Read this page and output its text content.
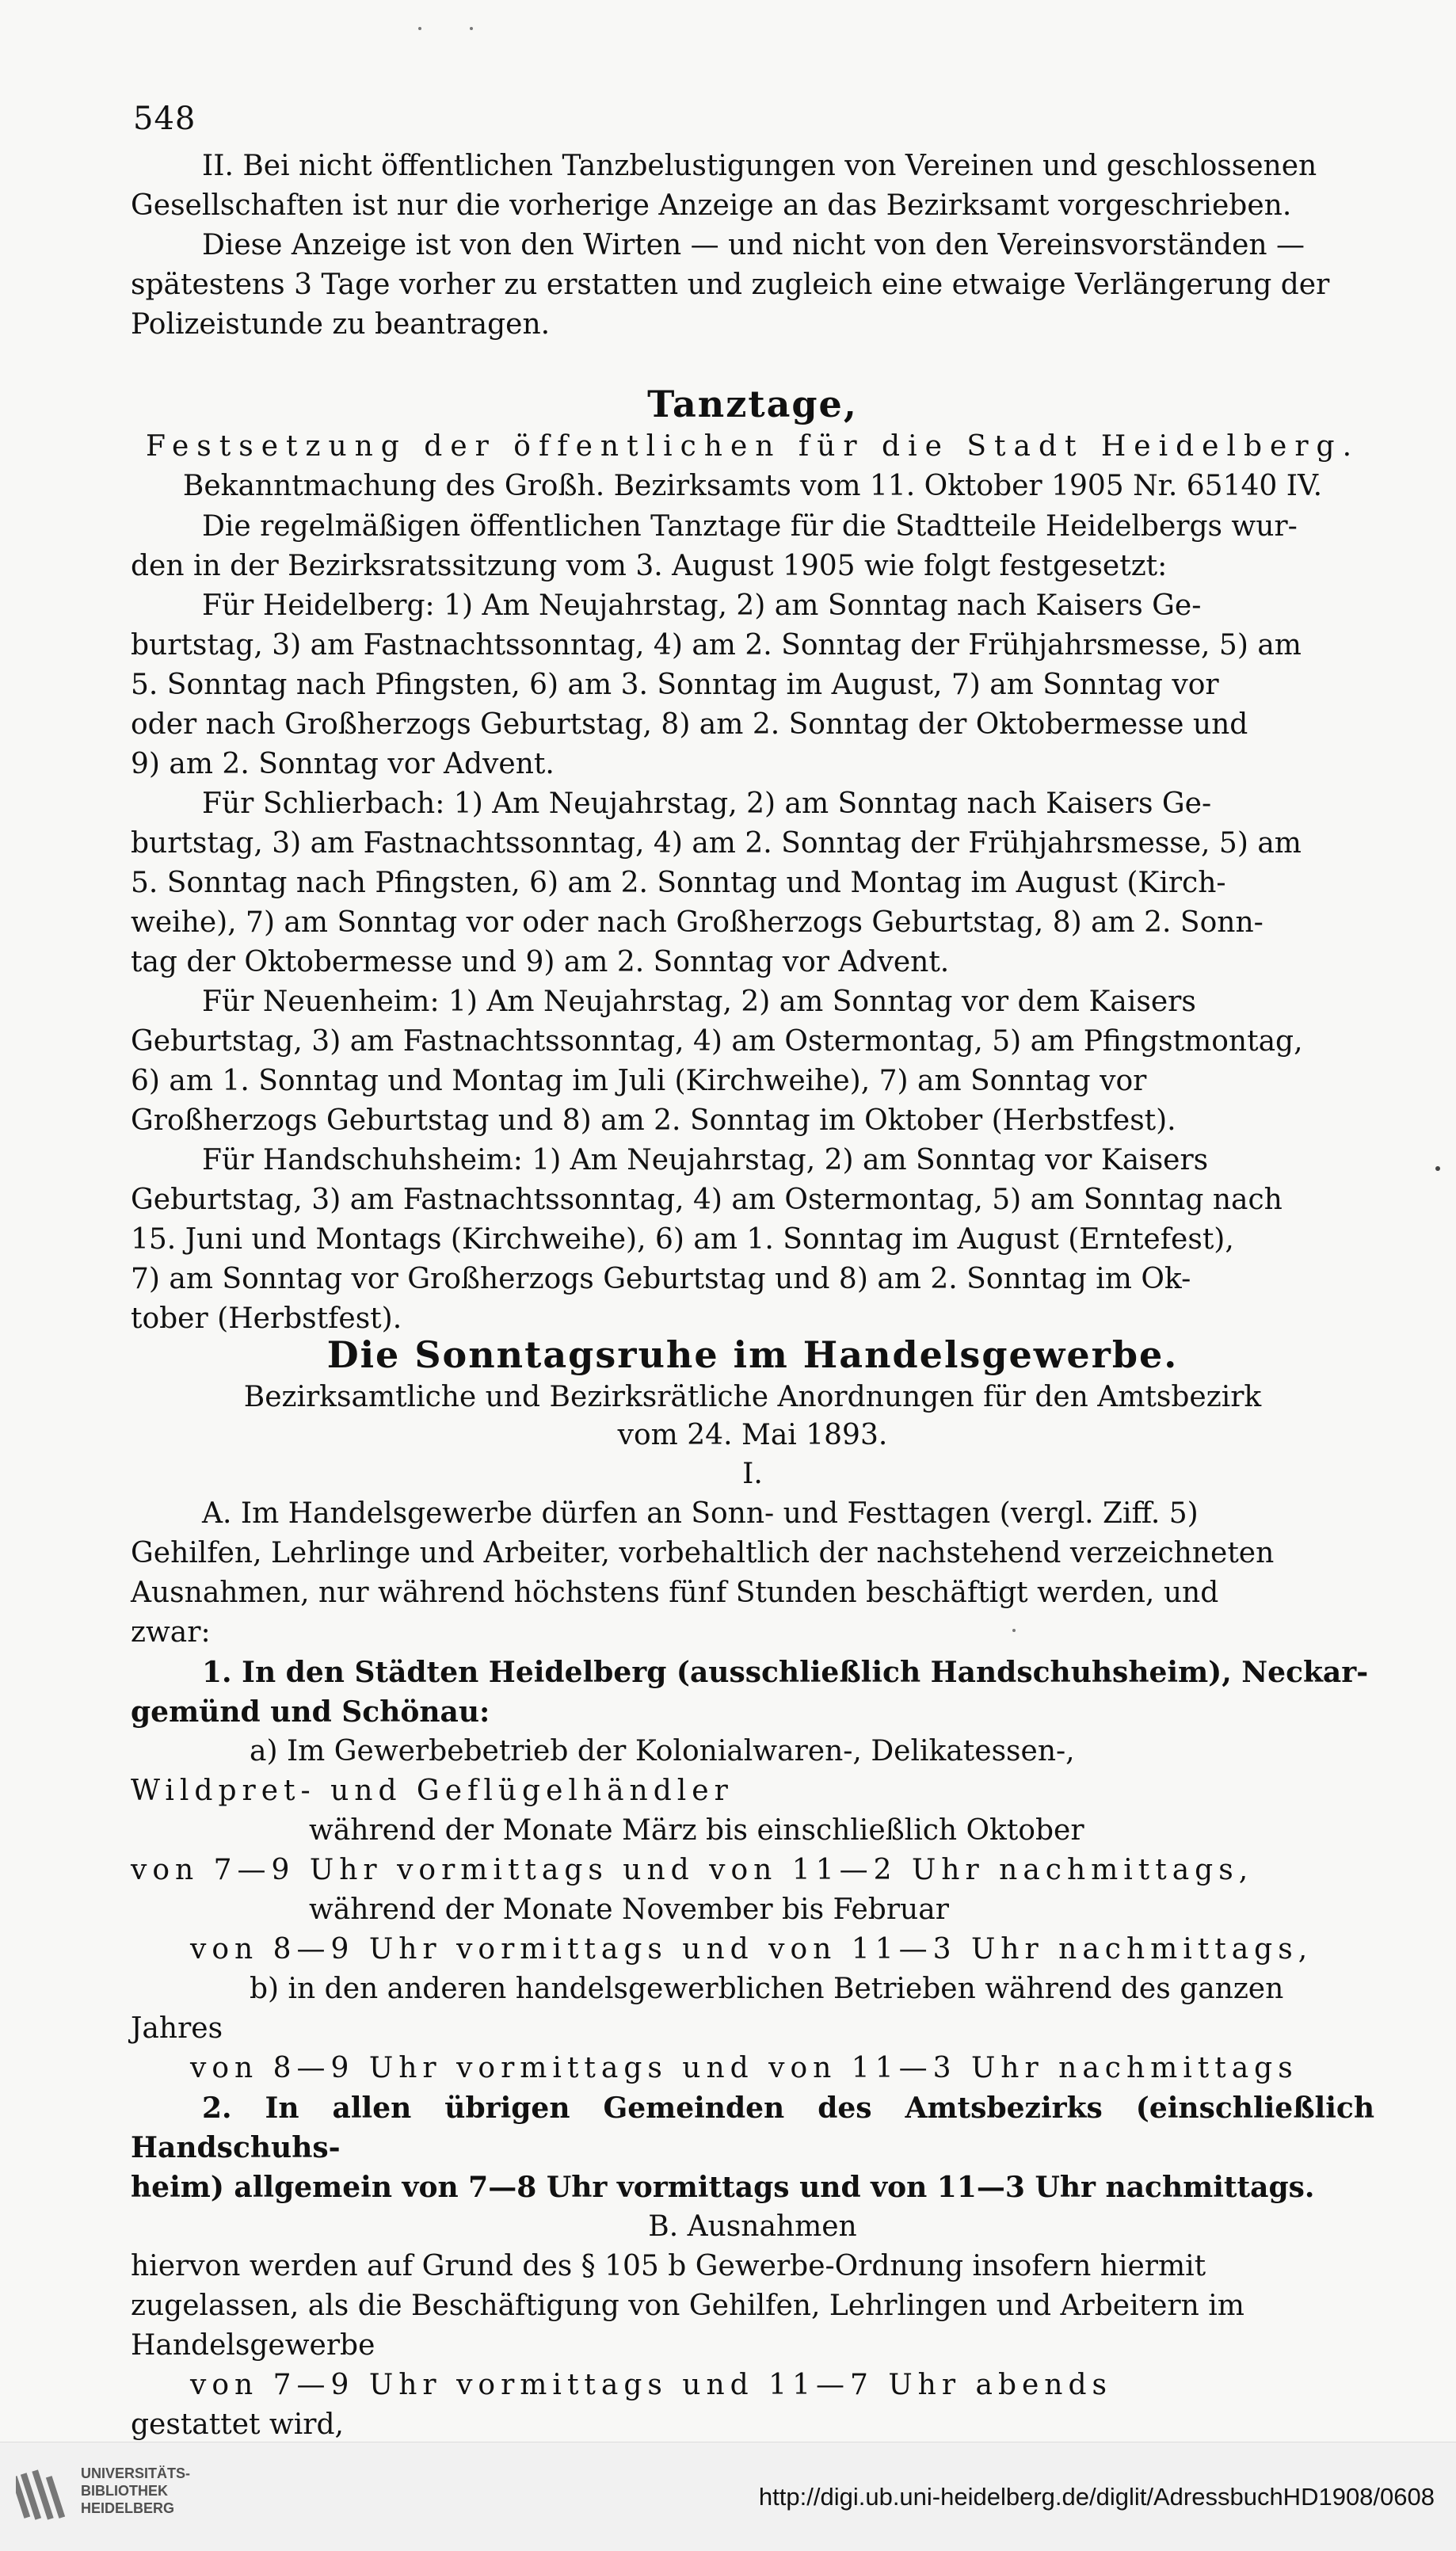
548

II. Bei nicht öffentlichen Tanzbelustigungen von Vereinen und geschlossenen

Gesellschaften ist nur die vorherige Anzeige an das Bezirksamt vorgeschrieben.

Diese Anzeige ist von den Wirten — und nicht von den Vereinsvorständen —

spätestens 3 Tage vorher zu erstatten und zugleich eine etwaige Verlängerung der

Polizeistunde zu beantragen.

Tanztage,

Festsetzung der öffentlichen für die Stadt Heidelberg.

Bekanntmachung des Großh. Bezirksamts vom 11. Oktober 1905 Nr. 65140 IV.

Die regelmäßigen öffentlichen Tanztage für die Stadtteile Heidelbergs wur-

den in der Bezirksratssitzung vom 3. August 1905 wie folgt festgesetzt:

Für Heidelberg: 1) Am Neujahrstag, 2) am Sonntag nach Kaisers Ge-

burtstag, 3) am Fastnachtssonntag, 4) am 2. Sonntag der Frühjahrsmesse, 5) am

5. Sonntag nach Pfingsten, 6) am 3. Sonntag im August, 7) am Sonntag vor

oder nach Großherzogs Geburtstag, 8) am 2. Sonntag der Oktobermesse und

9) am 2. Sonntag vor Advent.

Für Schlierbach: 1) Am Neujahrstag, 2) am Sonntag nach Kaisers Ge-

burtstag, 3) am Fastnachtssonntag, 4) am 2. Sonntag der Frühjahrsmesse, 5) am

5. Sonntag nach Pfingsten, 6) am 2. Sonntag und Montag im August (Kirch-

weihe), 7) am Sonntag vor oder nach Großherzogs Geburtstag, 8) am 2. Sonn-

tag der Oktobermesse und 9) am 2. Sonntag vor Advent.

Für Neuenheim: 1) Am Neujahrstag, 2) am Sonntag vor dem Kaisers

Geburtstag, 3) am Fastnachtssonntag, 4) am Ostermontag, 5) am Pfingstmontag,

6) am 1. Sonntag und Montag im Juli (Kirchweihe), 7) am Sonntag vor

Großherzogs Geburtstag und 8) am 2. Sonntag im Oktober (Herbstfest).

Für Handschuhsheim: 1) Am Neujahrstag, 2) am Sonntag vor Kaisers

Geburtstag, 3) am Fastnachtssonntag, 4) am Ostermontag, 5) am Sonntag nach

15. Juni und Montags (Kirchweihe), 6) am 1. Sonntag im August (Erntefest),

7) am Sonntag vor Großherzogs Geburtstag und 8) am 2. Sonntag im Ok-

tober (Herbstfest).

Die Sonntagsruhe im Handelsgewerbe.

Bezirksamtliche und Bezirksrätliche Anordnungen für den Amtsbezirk

vom 24. Mai 1893.

I.

A. Im Handelsgewerbe dürfen an Sonn- und Festtagen (vergl. Ziff. 5)

Gehilfen, Lehrlinge und Arbeiter, vorbehaltlich der nachstehend verzeichneten

Ausnahmen, nur während höchstens fünf Stunden beschäftigt werden, und

zwar:

1. In den Städten Heidelberg (ausschließlich Handschuhsheim), Neckar-

gemünd und Schönau:

a) Im Gewerbebetrieb der Kolonialwaren-, Delikatessen-,
Wildpret- und Geflügelhändler
während der Monate März bis einschließlich Oktober
von 7—9 Uhr vormittags und von 11—2 Uhr nachmittags,
während der Monate November bis Februar
von 8—9 Uhr vormittags und von 11—3 Uhr nachmittags,
b) in den anderen handelsgewerblichen Betrieben während des ganzen
Jahres
von 8—9 Uhr vormittags und von 11—3 Uhr nachmittags

2. In allen übrigen Gemeinden des Amtsbezirks (einschließlich Handschuhs-

heim) allgemein von 7—8 Uhr vormittags und von 11—3 Uhr nachmittags.

B. Ausnahmen

hiervon werden auf Grund des § 105 b Gewerbe-Ordnung insofern hiermit

zugelassen, als die Beschäftigung von Gehilfen, Lehrlingen und Arbeitern im

Handelsgewerbe

von 7—9 Uhr vormittags und 11—7 Uhr abends

gestattet wird,

UNIVERSITÄTS-
BIBLIOTHEK
HEIDELBERG	http://digi.ub.uni-heidelberg.de/diglit/AdressbuchHD1908/0608
